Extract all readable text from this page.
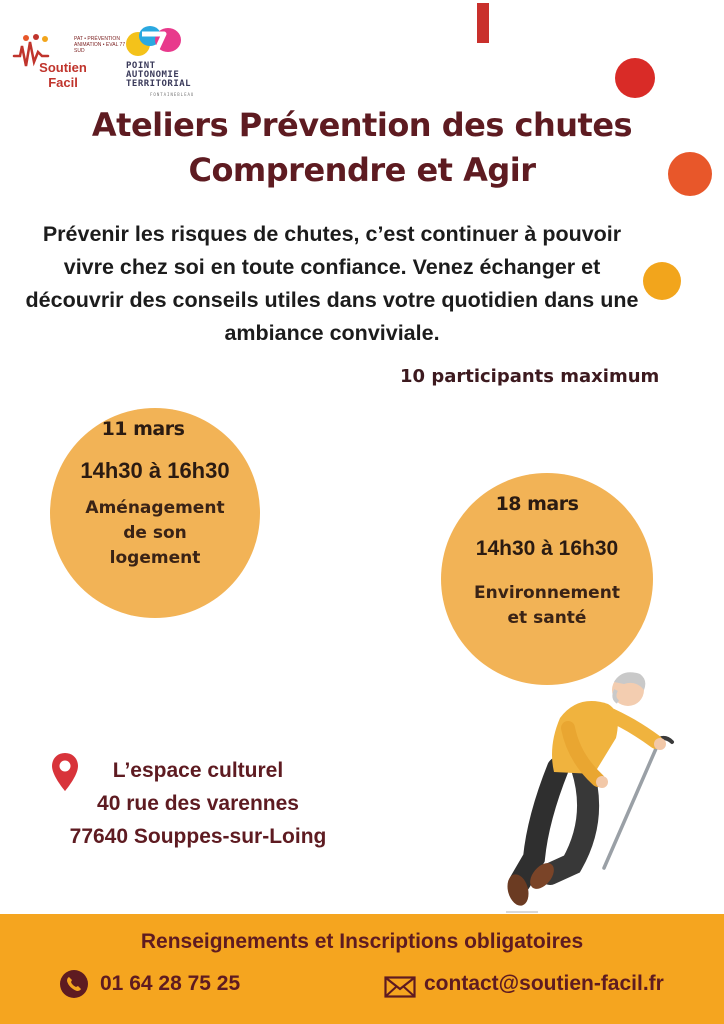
PAT • PRÉVENTION ANIMATION • EVAL 77 SUD
Soutien
Facil
POINT
AUTONOMIE
TERRITORIAL
FONTAINEBLEAU
Ateliers Prévention des chutes
Comprendre et Agir
Prévenir les risques de chutes, c’est continuer à pouvoir vivre chez soi en toute confiance. Venez échanger et découvrir des conseils utiles dans votre quotidien dans une ambiance conviviale.
10 participants maximum
11 mars
14h30 à 16h30
Aménagement
de son
logement
18 mars
14h30 à 16h30
Environnement
et santé
L’espace culturel
40 rue des varennes
77640 Souppes-sur-Loing
Renseignements et Inscriptions obligatoires
01 64 28 75 25	contact@soutien-facil.fr
